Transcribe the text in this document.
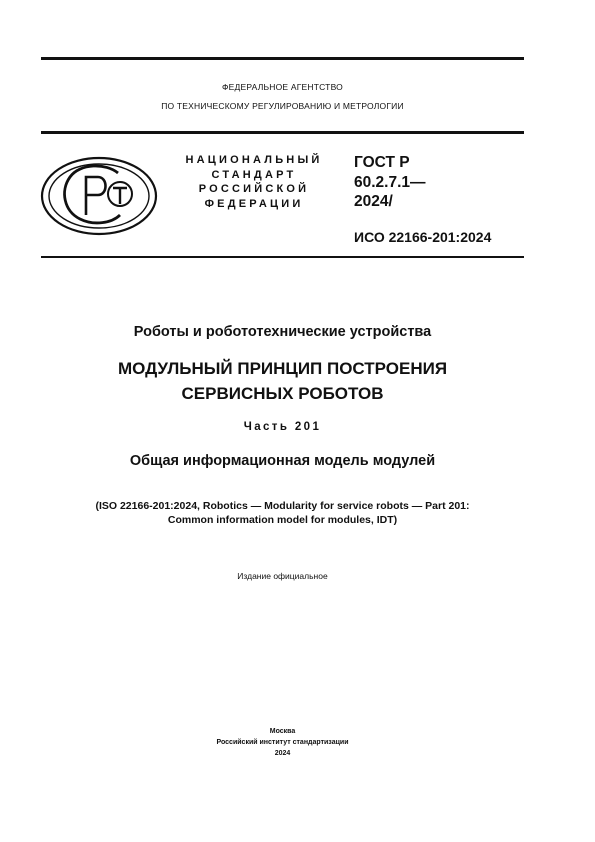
ФЕДЕРАЛЬНОЕ АГЕНТСТВО
ПО ТЕХНИЧЕСКОМУ РЕГУЛИРОВАНИЮ И МЕТРОЛОГИИ
НАЦИОНАЛЬНЫЙ
СТАНДАРТ
РОССИЙСКОЙ
ФЕДЕРАЦИИ
ГОСТ Р
60.2.7.1—
2024/
ИСО 22166-201:2024
Роботы и робототехнические устройства
МОДУЛЬНЫЙ ПРИНЦИП ПОСТРОЕНИЯ
СЕРВИСНЫХ РОБОТОВ
Часть 201
Общая информационная модель модулей
(ISO 22166-201:2024, Robotics — Modularity for service robots — Part 201:
Common information model for modules, IDT)
Издание официальное
Москва
Российский институт стандартизации
2024
